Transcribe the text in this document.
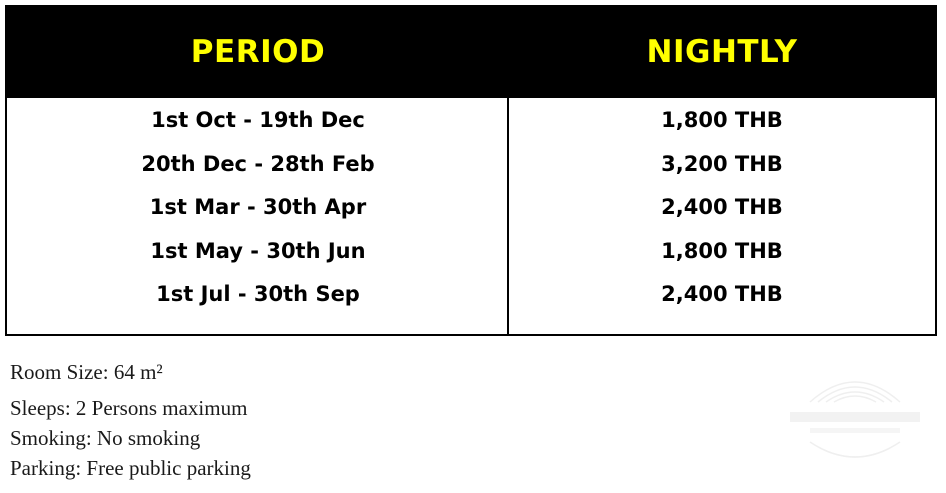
PERIOD	NIGHTLY
1st Oct - 19th Dec	1,800 THB
20th Dec - 28th Feb	3,200 THB
1st Mar - 30th Apr	2,400 THB
1st May - 30th Jun	1,800 THB
1st Jul - 30th Sep	2,400 THB
Room Size: 64 m²
Sleeps: 2 Persons maximum
Smoking: No smoking
Parking: Free public parking
